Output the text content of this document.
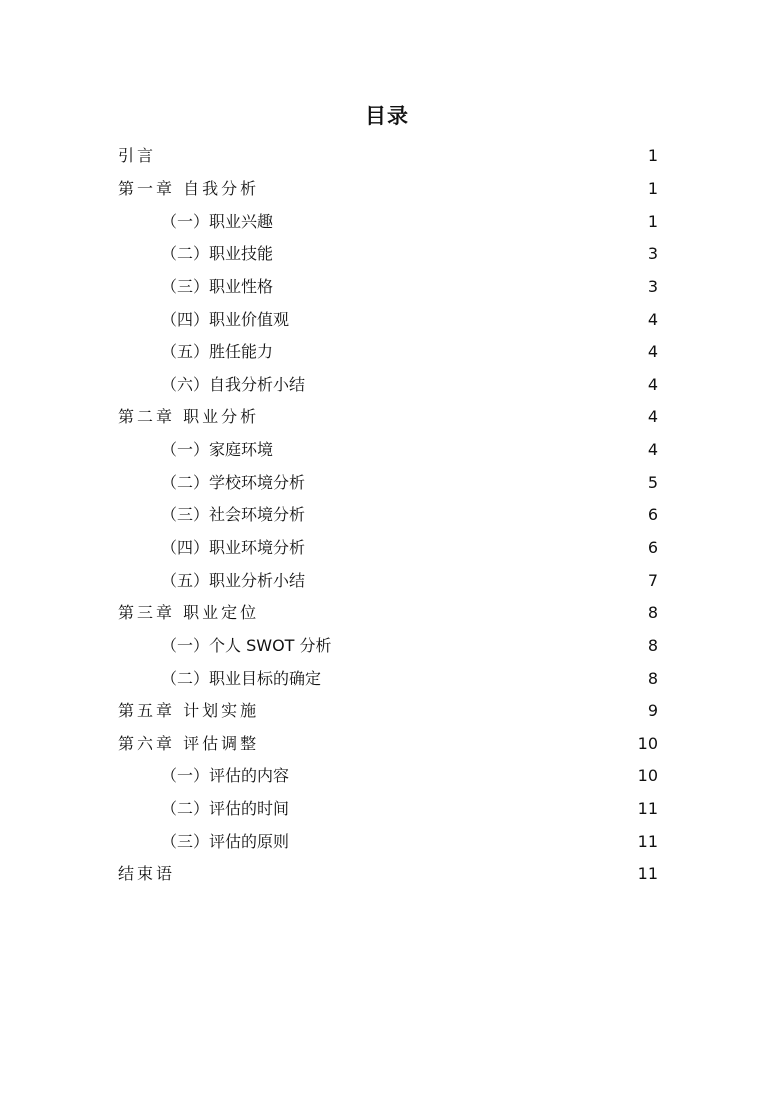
目录
引言	1
第一章 自我分析	1
（一）职业兴趣	1
（二）职业技能	3
（三）职业性格	3
（四）职业价值观	4
（五）胜任能力	4
（六）自我分析小结	4
第二章 职业分析	4
（一）家庭环境	4
（二）学校环境分析	5
（三）社会环境分析	6
（四）职业环境分析	6
（五）职业分析小结	7
第三章 职业定位	8
（一）个人 SWOT 分析	8
（二）职业目标的确定	8
第五章 计划实施	9
第六章 评估调整	10
（一）评估的内容	10
（二）评估的时间	11
（三）评估的原则	11
结束语	11
